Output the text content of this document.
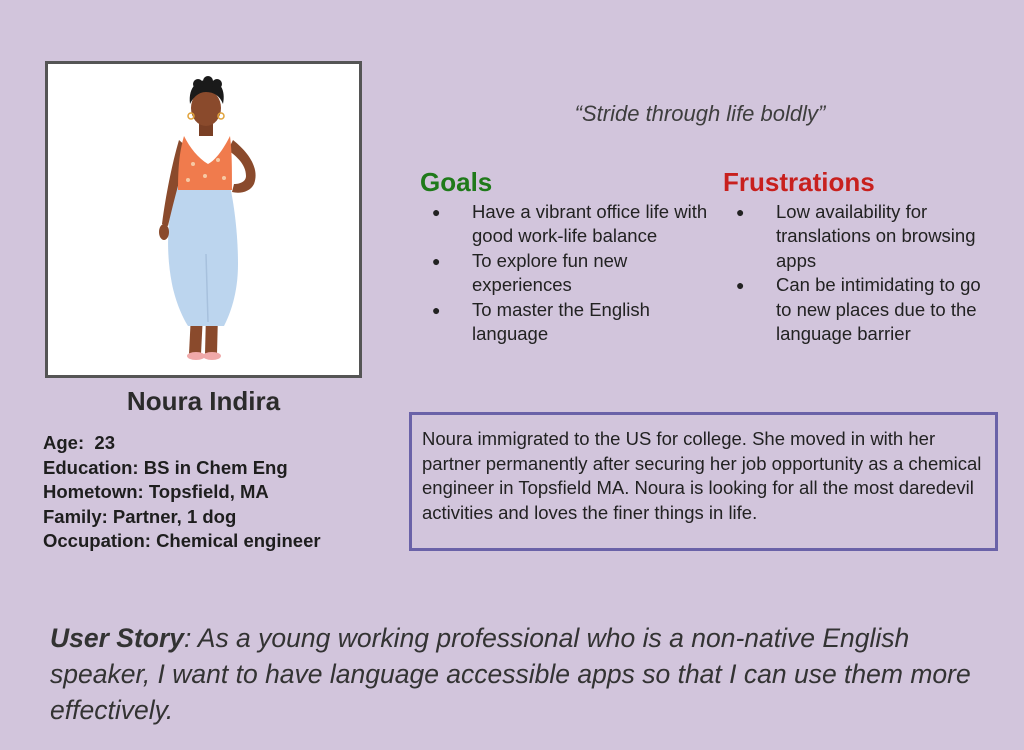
Noura Indira
Age: 23
Education: BS in Chem Eng
Hometown: Topsfield, MA
Family: Partner, 1 dog
Occupation: Chemical engineer
“Stride through life boldly”
Goals
● Have a vibrant office life with good work-life balance
● To explore fun new experiences
● To master the English language
Frustrations
● Low availability for translations on browsing apps
● Can be intimidating to go to new places due to the language barrier
Noura immigrated to the US for college. She moved in with her partner permanently after securing her job opportunity as a chemical engineer in Topsfield MA. Noura is looking for all the most daredevil activities and loves the finer things in life.
User Story: As a young working professional who is a non-native English speaker, I want to have language accessible apps so that I can use them more effectively.
